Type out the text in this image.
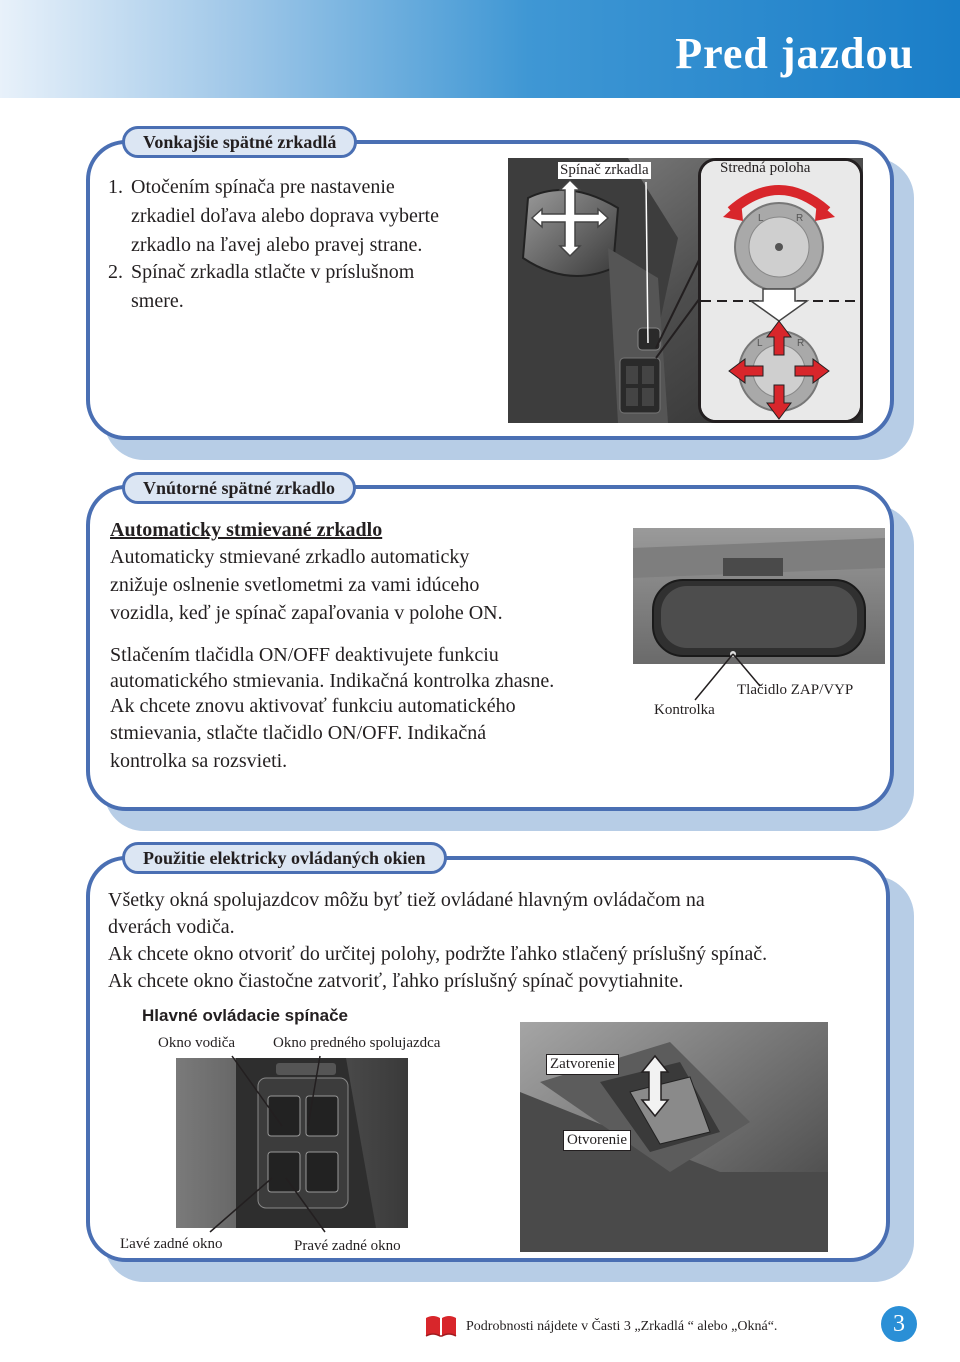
Pred jazdou
Vonkajšie spätné zrkadlá
1. Otočením spínača pre nastavenie
zrkadiel doľava alebo doprava vyberte
zrkadlo na ľavej alebo pravej strane.
2. Spínač zrkadla stlačte v príslušnom
smere.
L	R
L	R
Spínač zrkadla	Stredná poloha
Vnútorné spätné zrkadlo
Automaticky stmievané zrkadlo
Automaticky stmievané zrkadlo automaticky
znižuje oslnenie svetlometmi za vami idúceho
vozidla, keď je spínač zapaľovania v polohe ON.
Stlačením tlačidla ON/OFF deaktivujete funkciu
automatického stmievania. Indikačná kontrolka zhasne.
Ak chcete znovu aktivovať funkciu automatického
stmievania, stlačte tlačidlo ON/OFF. Indikačná
kontrolka sa rozsvieti.
Tlačidlo ZAP/VYP
Kontrolka
Použitie elektricky ovládaných okien
Všetky okná spolujazdcov môžu byť tiež ovládané hlavným ovládačom na
dverách vodiča.
Ak chcete okno otvoriť do určitej polohy, podržte ľahko stlačený príslušný spínač.
Ak chcete okno čiastočne zatvoriť, ľahko príslušný spínač povytiahnite.
Hlavné ovládacie spínače
Okno vodiča	Okno predného spolujazdca
Ľavé zadné okno	Pravé zadné okno
Zatvorenie
Otvorenie
Podrobnosti nájdete v Časti 3 „Zrkadlá “ alebo „Okná“.	3
